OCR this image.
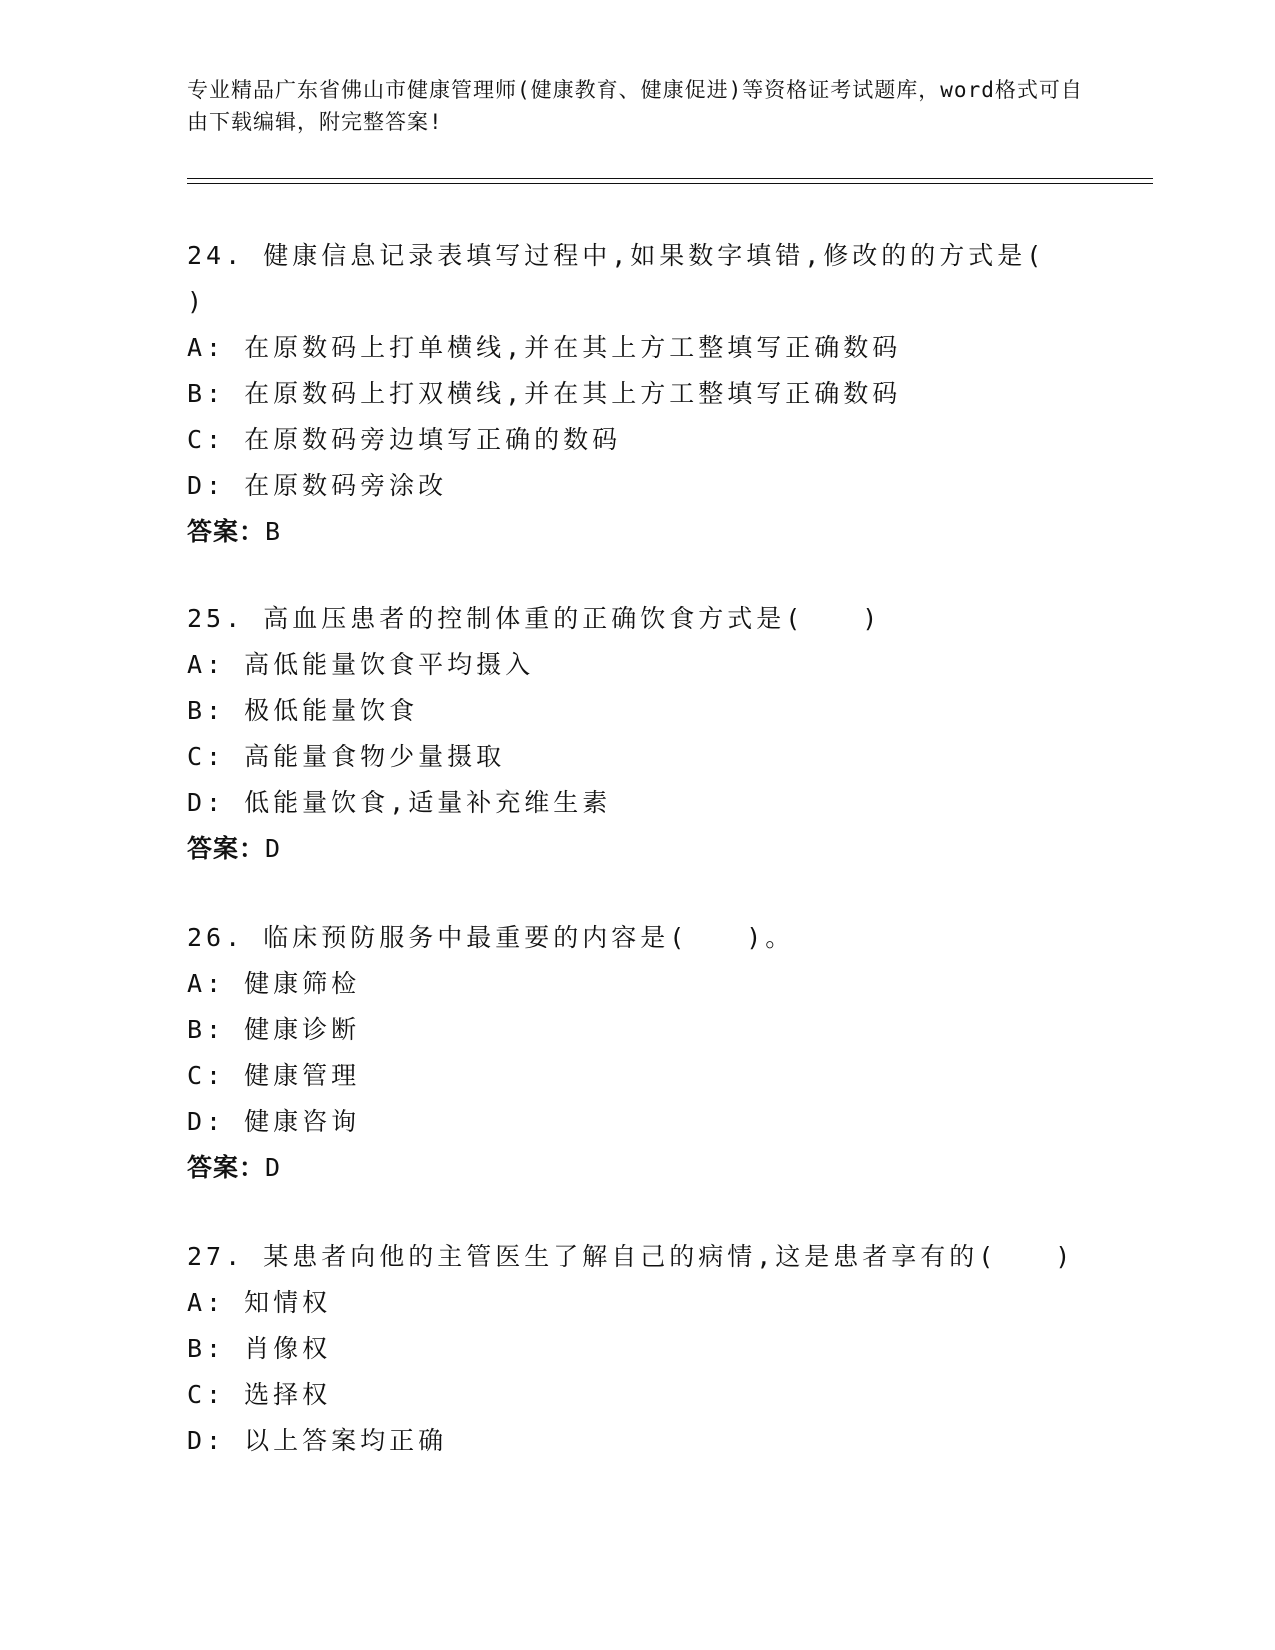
专业精品广东省佛山市健康管理师(健康教育、健康促进)等资格证考试题库，word格式可自由下载编辑，附完整答案!

24. 健康信息记录表填写过程中,如果数字填错,修改的的方式是(
)

A: 在原数码上打单横线,并在其上方工整填写正确数码

B: 在原数码上打双横线,并在其上方工整填写正确数码

C: 在原数码旁边填写正确的数码

D: 在原数码旁涂改

答案：B

25. 高血压患者的控制体重的正确饮食方式是(　　)

A: 高低能量饮食平均摄入

B: 极低能量饮食

C: 高能量食物少量摄取

D: 低能量饮食,适量补充维生素

答案：D

26. 临床预防服务中最重要的内容是(　　)。

A: 健康筛检

B: 健康诊断

C: 健康管理

D: 健康咨询

答案：D

27. 某患者向他的主管医生了解自己的病情,这是患者享有的(　　)

A: 知情权

B: 肖像权

C: 选择权

D: 以上答案均正确
